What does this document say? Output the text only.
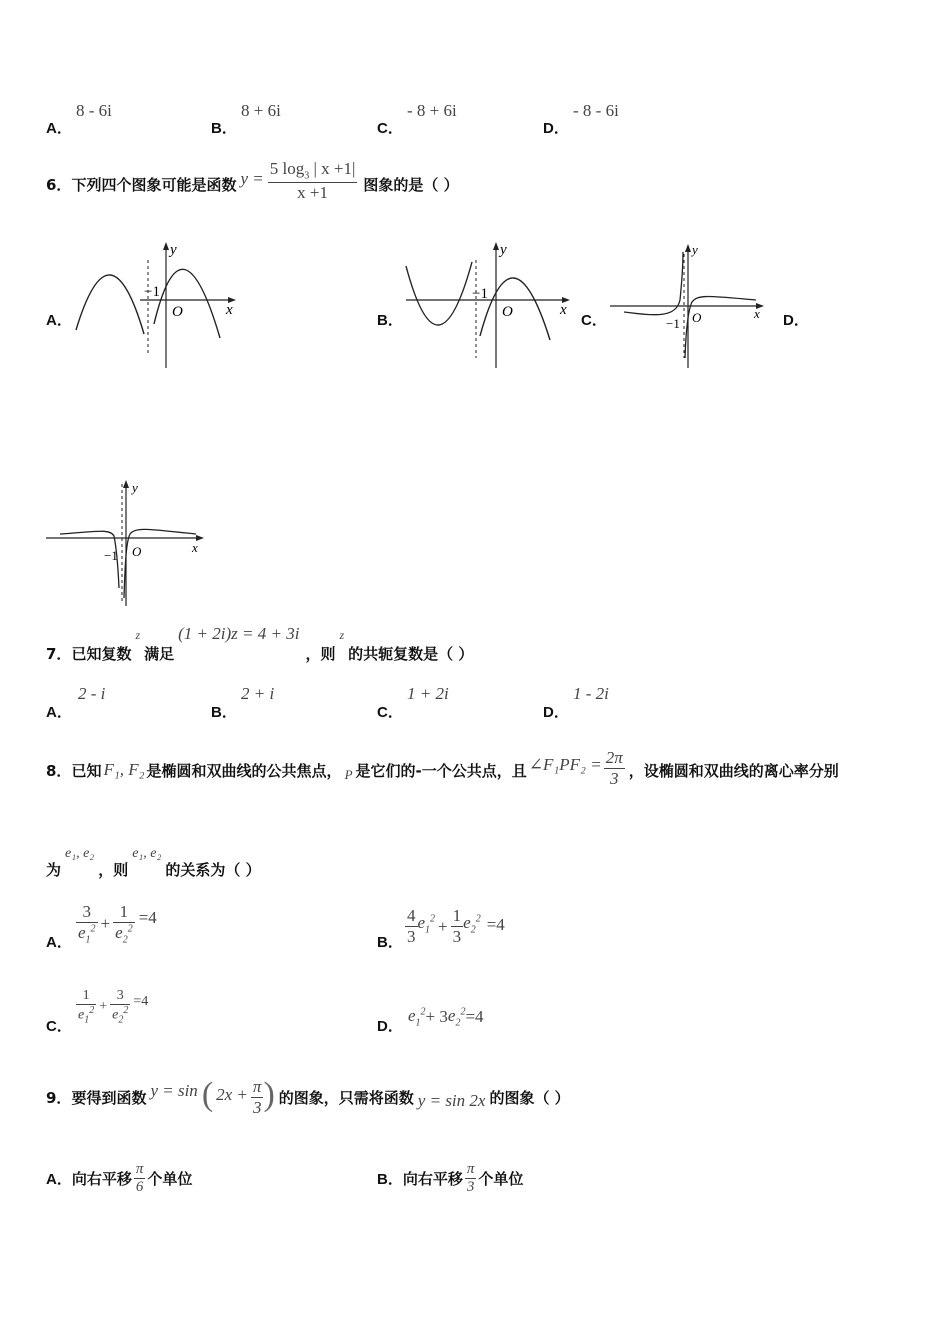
A．
8 - 6i
B．
8 + 6i
C．
- 8 + 6i
D．
- 8 - 6i
6． 下列四个图象可能是函数 $y = \frac{5 \log_3 | x +1|}{x +1}$ 图象的是（ ）
A．	B．	C．	D．
y
x
O
−1
y
x
O
−1
y
x
O
−1
y
x
O
−1
7． 已知复数
z
满足
(1 + 2i)z = 4 + 3i
，则
z
的共轭复数是（ ）
A．
2 - i
B．
2 + i
C．
1 + 2i
D．
1 - 2i
8． 已知 F₁, F₂ 是椭圆和双曲线的公共焦点， P 是它们的-一个公共点，且 ∠F₁PF₂ = $\frac{2\pi}{3}$ ，设椭圆和双曲线的离心率分别
为
e₁, e₂
，则
e₁, e₂
的关系为（ ）
A． $\frac{3}{e_1^2} + \frac{1}{e_2^2} =4$
B． $\frac{4}{3} e_1^2 + \frac{1}{3} e_2^2 =4$
C．
$\frac{1}{e_1^2} + \frac{3}{e_2^2} =4$
D．
$e_1^2 + 3$ $e_2^2 =4$
9． 要得到函数 y = sin ( $2x + \frac{\pi}{3}$ ) 的图象，只需将函数 y = sin 2x 的图象（ ）
A． 向右平移 $\frac{\pi}{6}$ 个单位	B． 向右平移 $\frac{\pi}{3}$ 个单位
